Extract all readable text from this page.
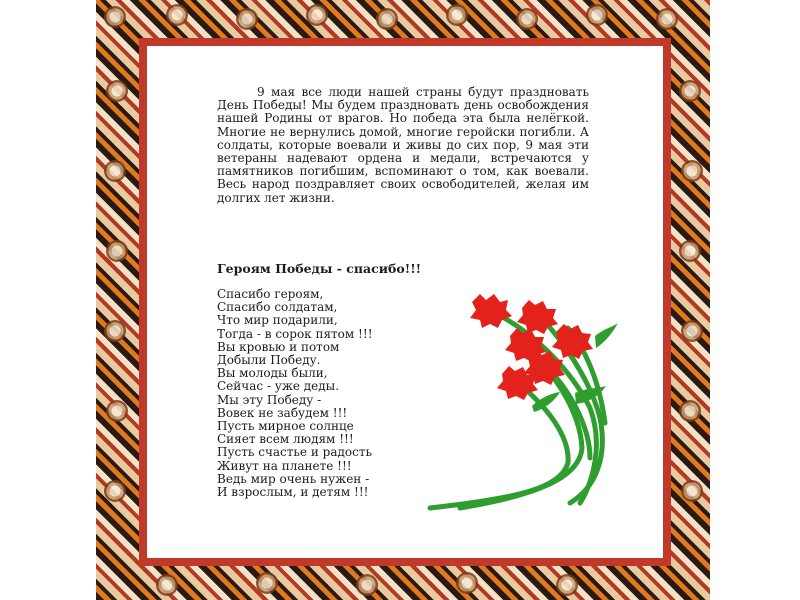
9 мая все люди нашей страны будут праздновать День Победы! Мы будем праздновать день освобождения нашей Родины от врагов. Но победа эта была нелёгкой. Многие не вернулись домой, многие геройски погибли. А солдаты, которые воевали и живы до сих пор, 9 мая эти ветераны надевают ордена и медали, встречаются у памятников погибшим, вспоминают о том, как воевали. Весь народ поздравляет своих освободителей, желая им долгих лет жизни.

Героям Победы - спасибо!!!

Спасибо героям,
Спасибо солдатам,
Что мир подарили,
Тогда - в сорок пятом !!!
Вы кровью и потом
Добыли Победу.
Вы молоды были,
Сейчас - уже деды.
Мы эту Победу -
Вовек не забудем !!!
Пусть мирное солнце
Сияет всем людям !!!
Пусть счастье и радость
Живут на планете !!!
Ведь мир очень нужен -
И взрослым, и детям !!!
